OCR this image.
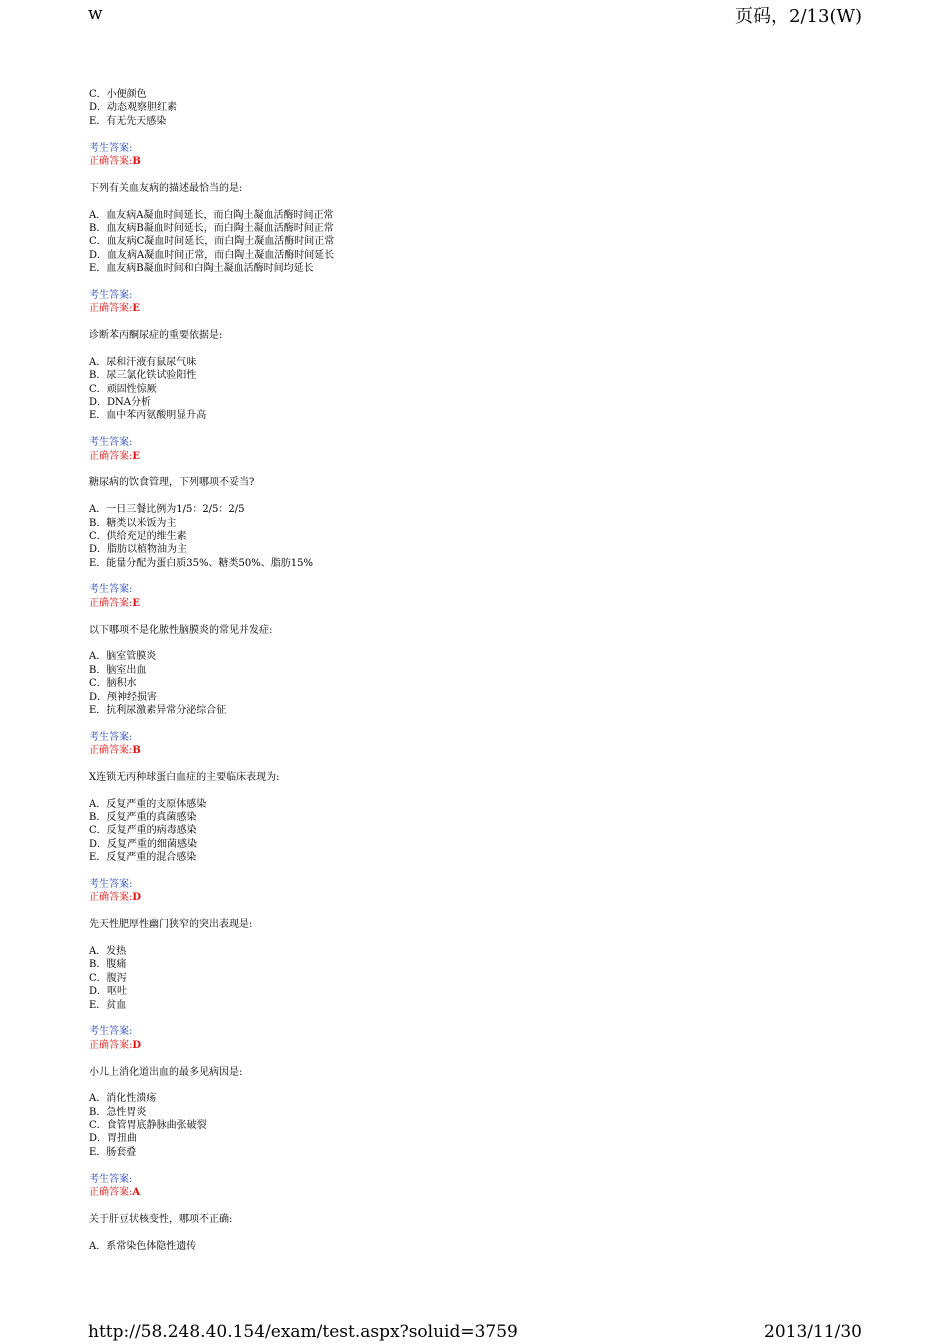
w	页码，2/13(W)
C．小便颜色
D．动态观察胆红素
E．有无先天感染
考生答案:
正确答案:B
下列有关血友病的描述最恰当的是:
A．血友病A凝血时间延长，而白陶土凝血活酶时间正常
B．血友病B凝血时间延长，而白陶土凝血活酶时间正常
C．血友病C凝血时间延长，而白陶土凝血活酶时间正常
D．血友病A凝血时间正常，而白陶土凝血活酶时间延长
E．血友病B凝血时间和白陶土凝血活酶时间均延长
考生答案:
正确答案:E
诊断苯丙酮尿症的重要依据是:
A．尿和汗液有鼠尿气味
B．尿三氯化铁试验阳性
C．顽固性惊厥
D．DNA分析
E．血中苯丙氨酸明显升高
考生答案:
正确答案:E
糖尿病的饮食管理，下列哪项不妥当?
A．一日三餐比例为1/5：2/5：2/5
B．糖类以米饭为主
C．供给充足的维生素
D．脂肪以植物油为主
E．能量分配为蛋白质35%、糖类50%、脂肪15%
考生答案:
正确答案:E
以下哪项不是化脓性脑膜炎的常见并发症:
A．脑室管膜炎
B．脑室出血
C．脑积水
D．颅神经损害
E．抗利尿激素异常分泌综合征
考生答案:
正确答案:B
X连锁无丙种球蛋白血症的主要临床表现为:
A．反复严重的支原体感染
B．反复严重的真菌感染
C．反复严重的病毒感染
D．反复严重的细菌感染
E．反复严重的混合感染
考生答案:
正确答案:D
先天性肥厚性幽门狭窄的突出表现是:
A．发热
B．腹痛
C．腹泻
D．呕吐
E．贫血
考生答案:
正确答案:D
小儿上消化道出血的最多见病因是:
A．消化性溃疡
B．急性胃炎
C．食管胃底静脉曲张破裂
D．胃扭曲
E．肠套叠
考生答案:
正确答案:A
关于肝豆状核变性，哪项不正确:
A．系常染色体隐性遗传
http://58.248.40.154/exam/test.aspx?soluid=3759	2013/11/30
